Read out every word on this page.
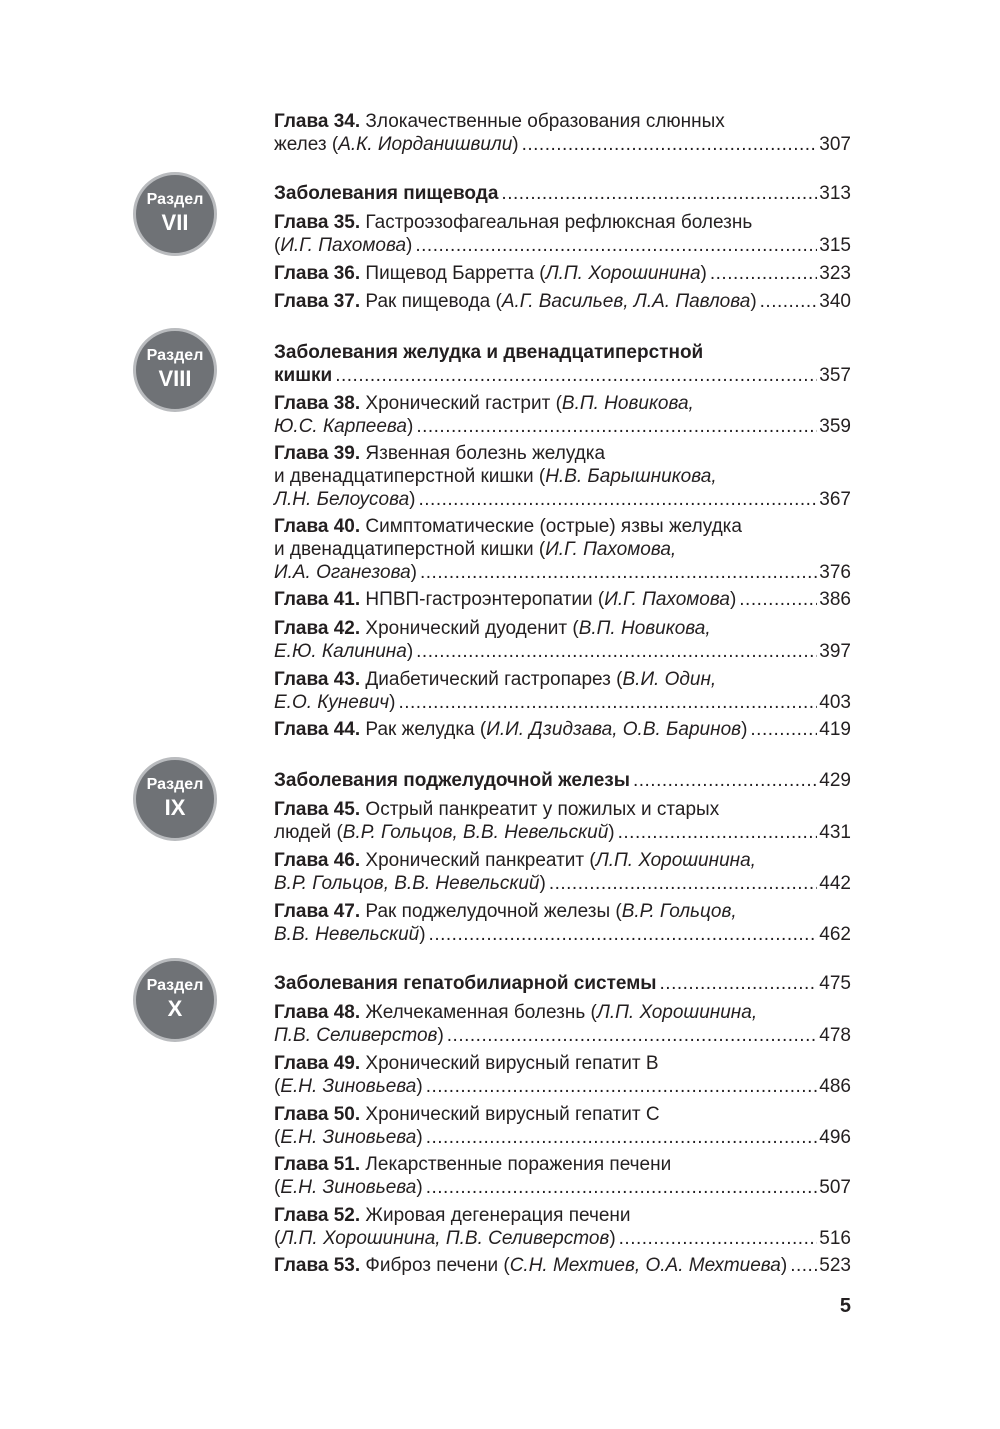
Раздел
VII
Раздел
VIII
Раздел
IX
Раздел
X
Глава 34. Злокачественные образования слюнных
желез (А.К. Иорданишвили) .....	307
Заболевания пищевода .....	313
Глава 35. Гастроэзофагеальная рефлюксная болезнь
(И.Г. Пахомова) .....	315
Глава 36. Пищевод Барретта (Л.П. Хорошинина) .....	323
Глава 37. Рак пищевода (А.Г. Васильев, Л.А. Павлова) .....	340
Заболевания желудка и двенадцатиперстной
кишки .....	357
Глава 38. Хронический гастрит (В.П. Новикова,
Ю.С. Карпеева) .....	359
Глава 39. Язвенная болезнь желудка
и двенадцатиперстной кишки (Н.В. Барышникова,
Л.Н. Белоусова) .....	367
Глава 40. Симптоматические (острые) язвы желудка
и двенадцатиперстной кишки (И.Г. Пахомова,
И.А. Оганезова) .....	376
Глава 41. НПВП-гастроэнтеропатии (И.Г. Пахомова) .....	386
Глава 42. Хронический дуоденит (В.П. Новикова,
Е.Ю. Калинина) .....	397
Глава 43. Диабетический гастропарез (В.И. Один,
Е.О. Куневич) .....	403
Глава 44. Рак желудка (И.И. Дзидзава, О.В. Баринов) .....	419
Заболевания поджелудочной железы .....	429
Глава 45. Острый панкреатит у пожилых и старых
людей (В.Р. Гольцов, В.В. Невельский) .....	431
Глава 46. Хронический панкреатит (Л.П. Хорошинина,
В.Р. Гольцов, В.В. Невельский) .....	442
Глава 47. Рак поджелудочной железы (В.Р. Гольцов,
В.В. Невельский) .....	462
Заболевания гепатобилиарной системы .....	475
Глава 48. Желчекаменная болезнь (Л.П. Хорошинина,
П.В. Селиверстов) .....	478
Глава 49. Хронический вирусный гепатит В
(Е.Н. Зиновьева) .....	486
Глава 50. Хронический вирусный гепатит С
(Е.Н. Зиновьева) .....	496
Глава 51. Лекарственные поражения печени
(Е.Н. Зиновьева) .....	507
Глава 52. Жировая дегенерация печени
(Л.П. Хорошинина, П.В. Селиверстов) .....	516
Глава 53. Фиброз печени (С.Н. Мехтиев, О.А. Мехтиева) ..... 523
5
